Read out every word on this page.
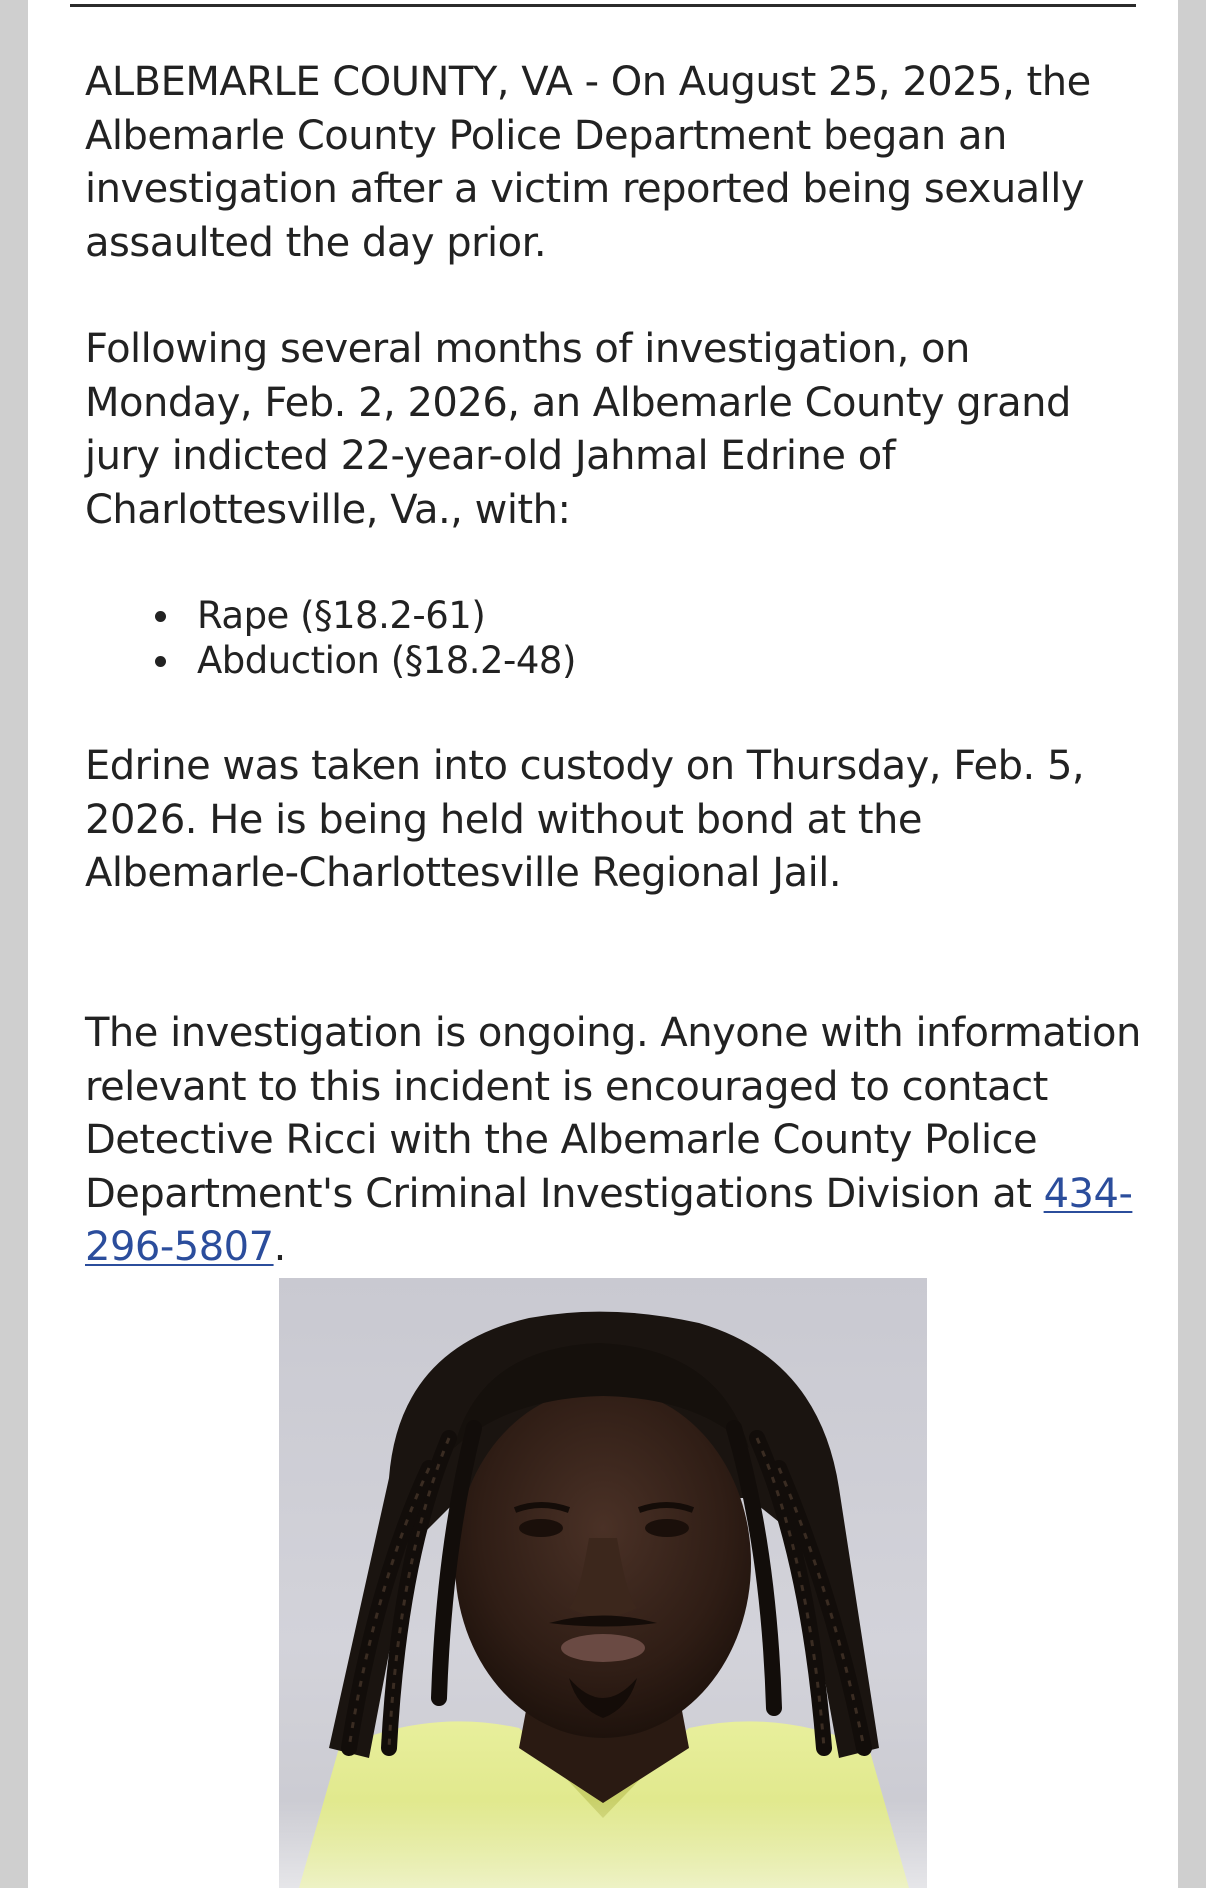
ALBEMARLE COUNTY, VA - On August 25, 2025, the Albemarle County Police Department began an investigation after a victim reported being sexually assaulted the day prior.

Following several months of investigation, on Monday, Feb. 2, 2026, an Albemarle County grand jury indicted 22-year-old Jahmal Edrine of Charlottesville, Va., with:

Rape (§18.2-61)
Abduction (§18.2-48)

Edrine was taken into custody on Thursday, Feb. 5, 2026. He is being held without bond at the Albemarle-Charlottesville Regional Jail.

The investigation is ongoing. Anyone with information relevant to this incident is encouraged to contact Detective Ricci with the Albemarle County Police Department's Criminal Investigations Division at 434-296-5807.
